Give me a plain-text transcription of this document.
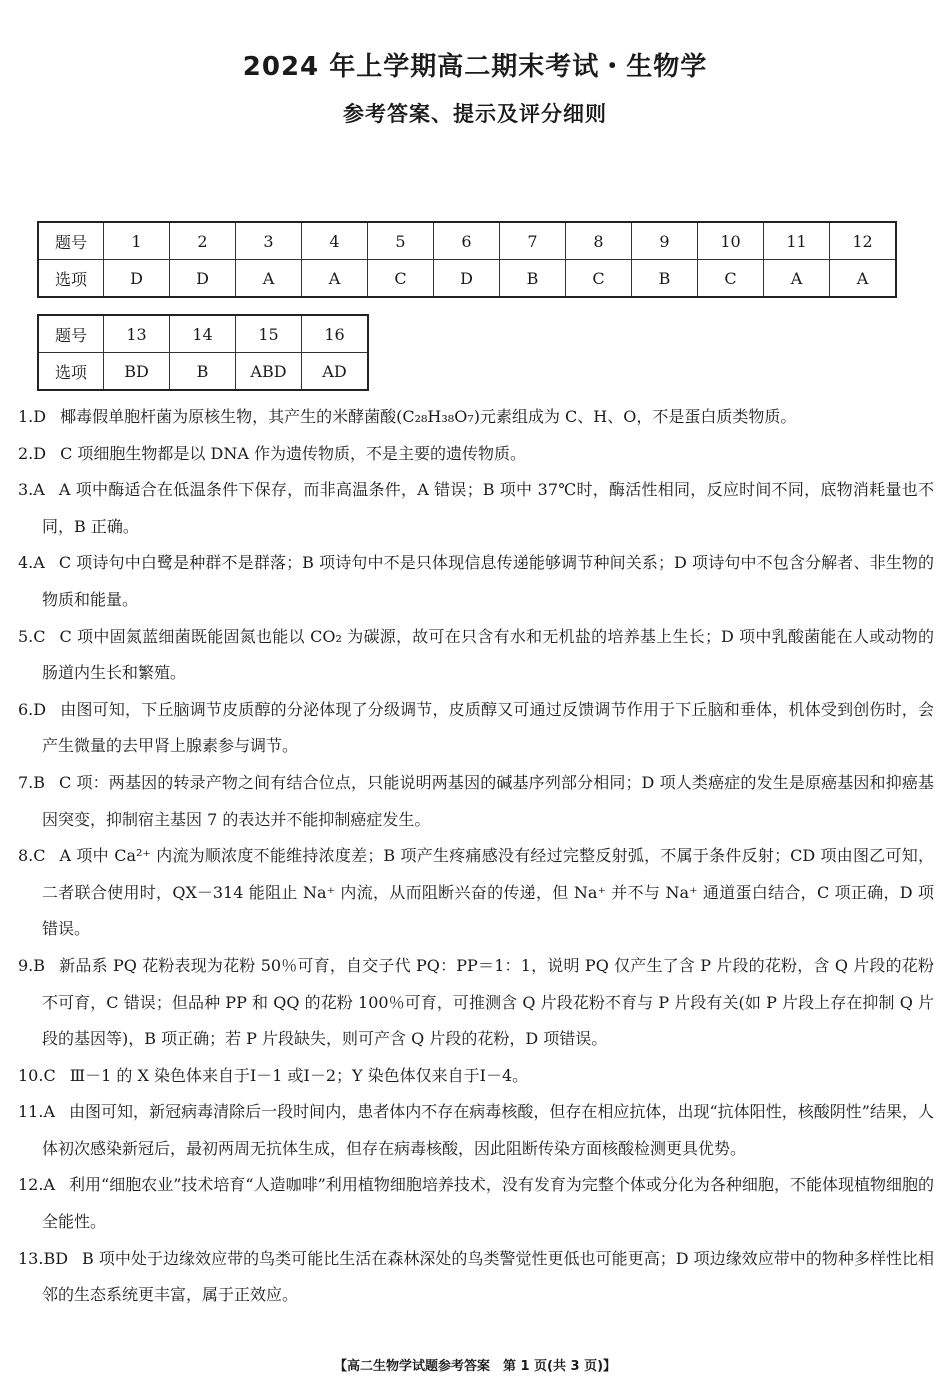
2024 年上学期高二期末考试・生物学
参考答案、提示及评分细则
题号	1	2	3	4	5	6	7	8	9	10	11	12
选项	D	D	A	A	C	D	B	C	B	C	A	A
题号	13	14	15	16
选项	BD	B	ABD	AD
1.D 椰毒假单胞杆菌为原核生物，其产生的米酵菌酸(C₂₈H₃₈O₇)元素组成为 C、H、O，不是蛋白质类物质。
2.D C 项细胞生物都是以 DNA 作为遗传物质，不是主要的遗传物质。
3.A A 项中酶适合在低温条件下保存，而非高温条件，A 错误；B 项中 37℃时，酶活性相同，反应时间不同，底物消耗量也不同，B 正确。
4.A C 项诗句中白鹭是种群不是群落；B 项诗句中不是只体现信息传递能够调节种间关系；D 项诗句中不包含分解者、非生物的物质和能量。
5.C C 项中固氮蓝细菌既能固氮也能以 CO₂ 为碳源，故可在只含有水和无机盐的培养基上生长；D 项中乳酸菌能在人或动物的肠道内生长和繁殖。
6.D 由图可知，下丘脑调节皮质醇的分泌体现了分级调节，皮质醇又可通过反馈调节作用于下丘脑和垂体，机体受到创伤时，会产生微量的去甲肾上腺素参与调节。
7.B C 项：两基因的转录产物之间有结合位点，只能说明两基因的碱基序列部分相同；D 项人类癌症的发生是原癌基因和抑癌基因突变，抑制宿主基因 7 的表达并不能抑制癌症发生。
8.C A 项中 Ca²⁺ 内流为顺浓度不能维持浓度差；B 项产生疼痛感没有经过完整反射弧，不属于条件反射；CD 项由图乙可知，二者联合使用时，QX－314 能阻止 Na⁺ 内流，从而阻断兴奋的传递，但 Na⁺ 并不与 Na⁺ 通道蛋白结合，C 项正确，D 项错误。
9.B 新品系 PQ 花粉表现为花粉 50％可育，自交子代 PQ：PP＝1：1，说明 PQ 仅产生了含 P 片段的花粉，含 Q 片段的花粉不可育，C 错误；但品种 PP 和 QQ 的花粉 100％可育，可推测含 Q 片段花粉不育与 P 片段有关(如 P 片段上存在抑制 Q 片段的基因等)，B 项正确；若 P 片段缺失，则可产含 Q 片段的花粉，D 项错误。
10.C Ⅲ－1 的 X 染色体来自于Ⅰ－1 或Ⅰ－2；Y 染色体仅来自于Ⅰ－4。
11.A 由图可知，新冠病毒清除后一段时间内，患者体内不存在病毒核酸，但存在相应抗体，出现“抗体阳性，核酸阴性”结果，人体初次感染新冠后，最初两周无抗体生成，但存在病毒核酸，因此阻断传染方面核酸检测更具优势。
12.A 利用“细胞农业”技术培育“人造咖啡”利用植物细胞培养技术，没有发育为完整个体或分化为各种细胞，不能体现植物细胞的全能性。
13.BD B 项中处于边缘效应带的鸟类可能比生活在森林深处的鸟类警觉性更低也可能更高；D 项边缘效应带中的物种多样性比相邻的生态系统更丰富，属于正效应。
【高二生物学试题参考答案　第 1 页(共 3 页)】
